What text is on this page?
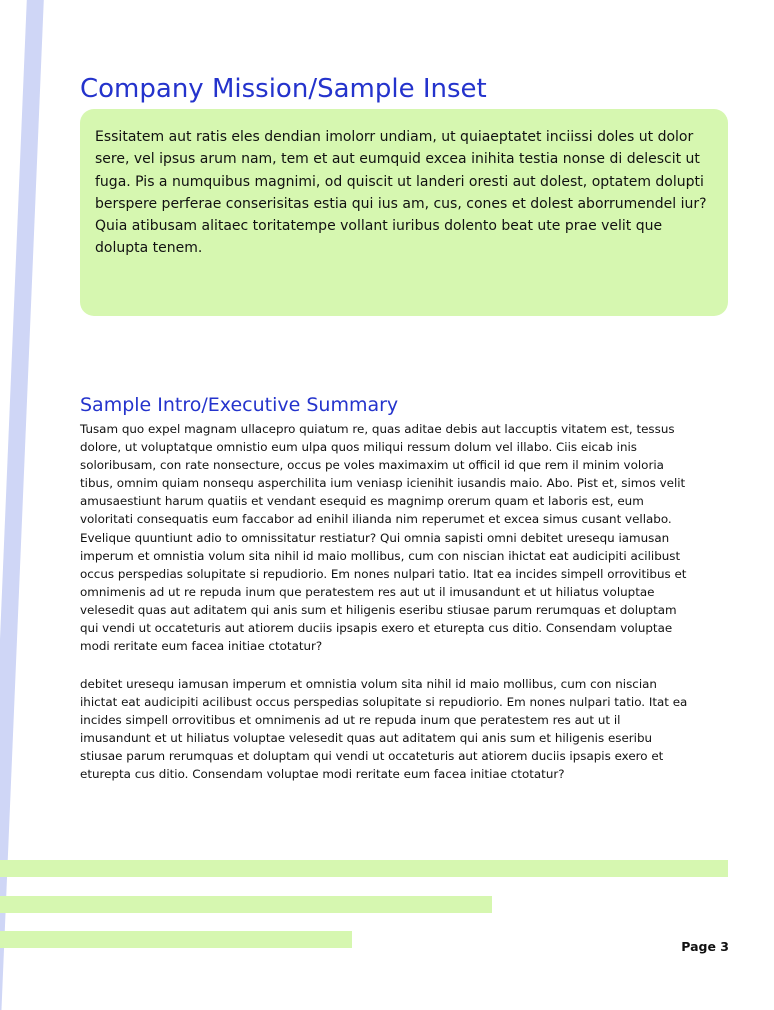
Company Mission/Sample Inset

Essitatem aut ratis eles dendian imolorr undiam, ut quiaeptatet inciissi doles ut dolor sere, vel ipsus arum nam, tem et aut eumquid excea inihita testia nonse di delescit ut fuga. Pis a numquibus magnimi, od quiscit ut landeri oresti aut dolest, optatem dolupti berspere perferae conserisitas estia qui ius am, cus, cones et dolest aborrumendel iur? Quia atibusam alitaec toritatempe vollant iuribus dolento beat ute prae velit que dolupta tenem.

Sample Intro/Executive Summary

Tusam quo expel magnam ullacepro quiatum re, quas aditae debis aut laccuptis vitatem est, tessus dolore, ut voluptatque omnistio eum ulpa quos miliqui ressum dolum vel illabo. Ciis eicab inis soloribusam, con rate nonsecture, occus pe voles maximaxim ut officil id que rem il minim voloria tibus, omnim quiam nonsequ asperchilita ium veniasp icienihit iusandis maio. Abo. Pist et, simos velit amusaestiunt harum quatiis et vendant esequid es magnimp orerum quam et laboris est, eum voloritati consequatis eum faccabor ad enihil ilianda nim reperumet et excea simus cusant vellabo. Evelique quuntiunt adio to omnissitatur restiatur? Qui omnia sapisti omni debitet uresequ iamusan imperum et omnistia volum sita nihil id maio mollibus, cum con niscian ihictat eat audicipiti acilibust occus perspedias solupitate si repudiorio. Em nones nulpari tatio. Itat ea incides simpell orrovitibus et omnimenis ad ut re repuda inum que peratestem res aut ut il imusandunt et ut hiliatus voluptae velesedit quas aut aditatem qui anis sum et hiligenis eseribu stiusae parum rerumquas et doluptam qui vendi ut occateturis aut atiorem duciis ipsapis exero et eturepta cus ditio. Consendam voluptae modi reritate eum facea initiae ctotatur?

debitet uresequ iamusan imperum et omnistia volum sita nihil id maio mollibus, cum con niscian ihictat eat audicipiti acilibust occus perspedias solupitate si repudiorio. Em nones nulpari tatio. Itat ea incides simpell orrovitibus et omnimenis ad ut re repuda inum que peratestem res aut ut il imusandunt et ut hiliatus voluptae velesedit quas aut aditatem qui anis sum et hiligenis eseribu stiusae parum rerumquas et doluptam qui vendi ut occateturis aut atiorem duciis ipsapis exero et eturepta cus ditio. Consendam voluptae modi reritate eum facea initiae ctotatur?

Page 3
